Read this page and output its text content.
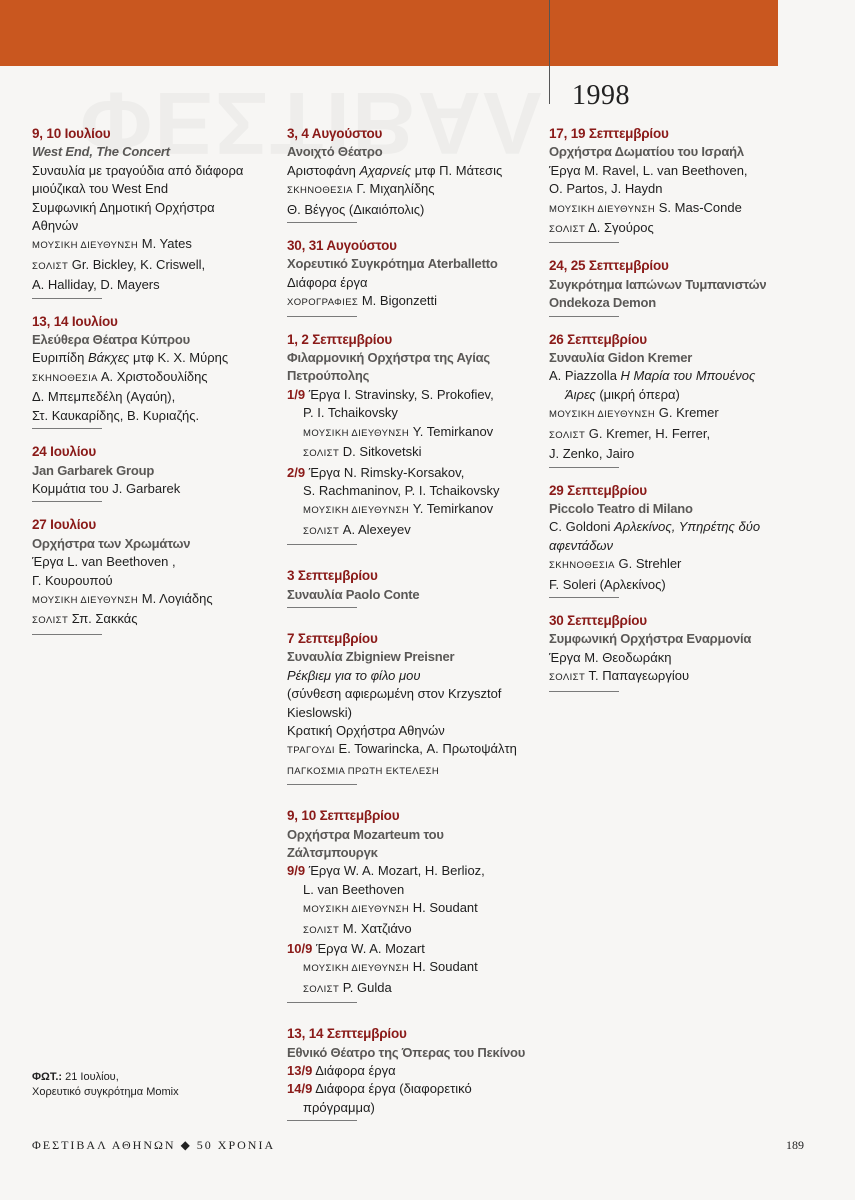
1998
9, 10 Ιουλίου
West End, The Concert
Συναυλία με τραγούδια από διάφορα
μιούζικαλ του West End
Συμφωνική Δημοτική Ορχήστρα
Αθηνών
ΜΟΥΣΙΚΗ ΔΙΕΥΘΥΝΣΗ M. Yates
ΣΟΛΙΣΤ Gr. Bickley, K. Criswell,
A. Halliday, D. Mayers
13, 14 Ιουλίου
Ελεύθερα Θέατρα Κύπρου
Ευριπίδη Βάκχες μτφ Κ. Χ. Μύρης
ΣΚΗΝΟΘΕΣΙΑ Α. Χριστοδουλίδης
Δ. Μπεμπεδέλη (Αγαύη),
Στ. Καυκαρίδης, Β. Κυριαζής.
24 Ιουλίου
Jan Garbarek Group
Κομμάτια του J. Garbarek
27 Ιουλίου
Ορχήστρα των Χρωμάτων
Έργα L. van Beethoven ,
Γ. Κουρουπού
ΜΟΥΣΙΚΗ ΔΙΕΥΘΥΝΣΗ Μ. Λογιάδης
ΣΟΛΙΣΤ Σπ. Σακκάς
3, 4 Αυγούστου
Ανοιχτό Θέατρο
Αριστοφάνη Αχαρνείς μτφ Π. Μάτεσις
ΣΚΗΝΟΘΕΣΙΑ Γ. Μιχαηλίδης
Θ. Βέγγος (Δικαιόπολις)
30, 31 Αυγούστου
Χορευτικό Συγκρότημα Aterballetto
Διάφορα έργα
ΧΟΡΟΓΡΑΦΙΕΣ M. Bigonzetti
1, 2 Σεπτεμβρίου
Φιλαρμονική Ορχήστρα της Αγίας Πετρούπολης
1/9 Έργα I. Stravinsky, S. Prokofiev,
P. I. Tchaikovsky
ΜΟΥΣΙΚΗ ΔΙΕΥΘΥΝΣΗ Y. Temirkanov
ΣΟΛΙΣΤ D. Sitkovetski
2/9 Έργα N. Rimsky-Korsakov,
S. Rachmaninov, P. I. Tchaikovsky
ΜΟΥΣΙΚΗ ΔΙΕΥΘΥΝΣΗ Y. Temirkanov
ΣΟΛΙΣΤ A. Alexeyev
3 Σεπτεμβρίου
Συναυλία Paolo Conte
7 Σεπτεμβρίου
Συναυλία Zbigniew Preisner
Ρέκβιεμ για το φίλο μου
(σύνθεση αφιερωμένη στον Krzysztof
Kieslowski)
Κρατική Ορχήστρα Αθηνών
ΤΡΑΓΟΥΔΙ E. Towarincka, Α. Πρωτοψάλτη
ΠΑΓΚΟΣΜΙΑ ΠΡΩΤΗ ΕΚΤΕΛΕΣΗ
9, 10 Σεπτεμβρίου
Ορχήστρα Mozarteum του Ζάλτσμπουργκ
9/9 Έργα W. A. Mozart, H. Berlioz,
L. van Beethoven
ΜΟΥΣΙΚΗ ΔΙΕΥΘΥΝΣΗ H. Soudant
ΣΟΛΙΣΤ Μ. Χατζιάνο
10/9 Έργα W. A. Mozart
ΜΟΥΣΙΚΗ ΔΙΕΥΘΥΝΣΗ H. Soudant
ΣΟΛΙΣΤ P. Gulda
13, 14 Σεπτεμβρίου
Εθνικό Θέατρο της Όπερας του Πεκίνου
13/9 Διάφορα έργα
14/9 Διάφορα έργα (διαφορετικό
πρόγραμμα)
17, 19 Σεπτεμβρίου
Ορχήστρα Δωματίου του Ισραήλ
Έργα M. Ravel, L. van Beethoven,
O. Partos, J. Haydn
ΜΟΥΣΙΚΗ ΔΙΕΥΘΥΝΣΗ S. Mas-Conde
ΣΟΛΙΣΤ Δ. Σγούρος
24, 25 Σεπτεμβρίου
Συγκρότημα Ιαπώνων Τυμπανιστών Ondekoza Demon
26 Σεπτεμβρίου
Συναυλία Gidon Kremer
A. Piazzolla Η Μαρία του Μπουένος
Άιρες (μικρή όπερα)
ΜΟΥΣΙΚΗ ΔΙΕΥΘΥΝΣΗ G. Kremer
ΣΟΛΙΣΤ G. Kremer, H. Ferrer,
J. Zenko, Jairo
29 Σεπτεμβρίου
Piccolo Teatro di Milano
C. Goldoni Αρλεκίνος, Υπηρέτης δύο
αφεντάδων
ΣΚΗΝΟΘΕΣΙΑ G. Strehler
F. Soleri (Αρλεκίνος)
30 Σεπτεμβρίου
Συμφωνική Ορχήστρα Εναρμονία
Έργα Μ. Θεοδωράκη
ΣΟΛΙΣΤ Τ. Παπαγεωργίου
ΦΩΤ.: 21 Ιουλίου,
Χορευτικό συγκρότημα Momix
ΦΕΣΤΙΒΑΛ ΑΘΗΝΩΝ ◆ 50 ΧΡΟΝΙΑ	189
